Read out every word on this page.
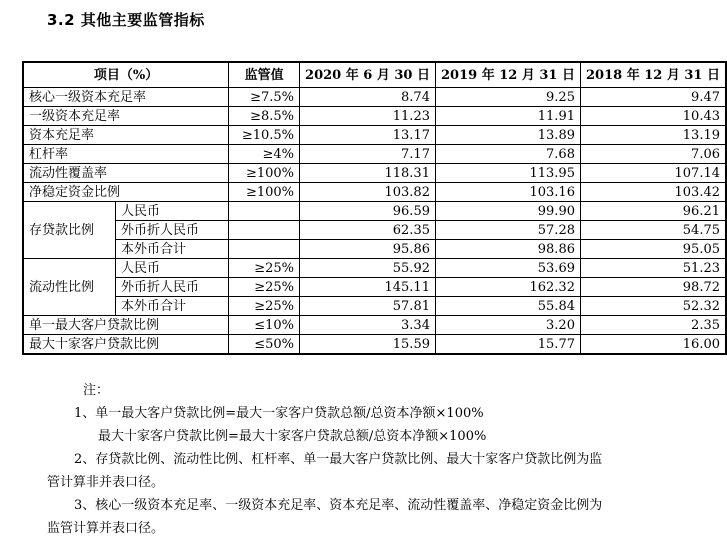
3.2 其他主要监管指标
项目（%）		监管值	2020 年 6 月 30 日	2019 年 12 月 31 日	2018 年 12 月 31 日
核心一级资本充足率		≥7.5%	8.74	9.25	9.47
一级资本充足率		≥8.5%	11.23	11.91	10.43
资本充足率		≥10.5%	13.17	13.89	13.19
杠杆率		≥4%	7.17	7.68	7.06
流动性覆盖率		≥100%	118.31	113.95	107.14
净稳定资金比例		≥100%	103.82	103.16	103.42
存贷款比例	人民币		96.59	99.90	96.21
	外币折人民币		62.35	57.28	54.75
	本外币合计		95.86	98.86	95.05
流动性比例	人民币	≥25%	55.92	53.69	51.23
	外币折人民币	≥25%	145.11	162.32	98.72
	本外币合计	≥25%	57.81	55.84	52.32
单一最大客户贷款比例		≤10%	3.34	3.20	2.35
最大十家客户贷款比例		≤50%	15.59	15.77	16.00

注：

1、单一最大客户贷款比例=最大一家客户贷款总额/总资本净额×100%

最大十家客户贷款比例=最大十家客户贷款总额/总资本净额×100%

2、存贷款比例、流动性比例、杠杆率、单一最大客户贷款比例、最大十家客户贷款比例为监

管计算非并表口径。

3、核心一级资本充足率、一级资本充足率、资本充足率、流动性覆盖率、净稳定资金比例为

监管计算并表口径。
